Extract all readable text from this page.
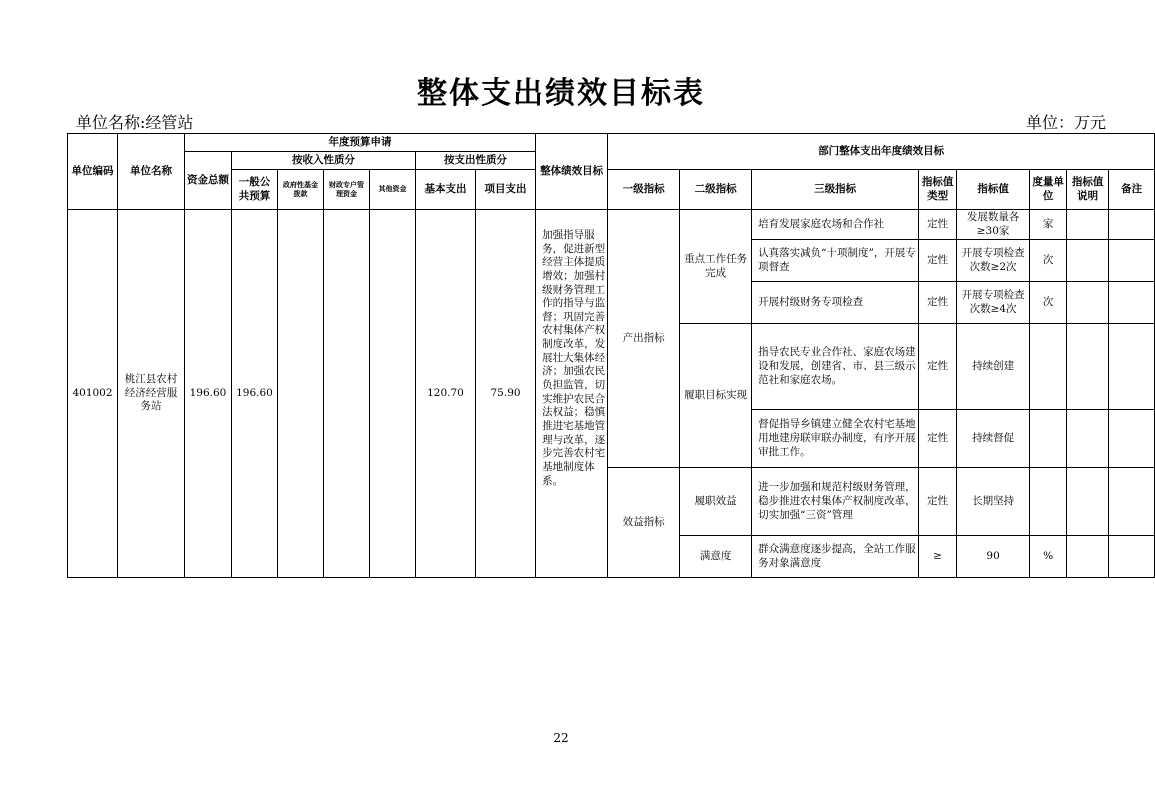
整体支出绩效目标表
单位名称:经管站	单位：万元
单位编码	单位名称	年度预算申请							整体绩效目标	部门整体支出年度绩效目标							
		资金总额	按收入性质分				按支出性质分										
			一般公共预算	政府性基金拨款	财政专户管理资金	其他资金	基本支出	项目支出		一级指标	二级指标	三级指标	指标值类型	指标值	度量单位	指标值说明	备注

401002	桃江县农村经济经营服务站	196.60	196.60				120.70	75.90	加强指导服务，促进新型经营主体提质增效；加强村级财务管理工作的指导与监督；巩固完善农村集体产权制度改革，发展壮大集体经济；加强农民负担监管，切实维护农民合法权益；稳慎推进宅基地管理与改革，逐步完善农村宅基地制度体系。	产出指标	重点工作任务完成	培育发展家庭农场和合作社	定性	发展数量各≥30家	家		
												认真落实减负“十项制度”，开展专项督查	定性	开展专项检查次数≥2次	次		
												开展村级财务专项检查	定性	开展专项检查次数≥4次	次		
											履职目标实现	指导农民专业合作社、家庭农场建设和发展，创建省、市、县三级示范社和家庭农场。	定性	持续创建			
												督促指导乡镇建立健全农村宅基地用地建房联审联办制度，有序开展审批工作。	定性	持续督促			
										效益指标	履职效益	进一步加强和规范村级财务管理，稳步推进农村集体产权制度改革，切实加强“三资”管理	定性	长期坚持			
											满意度	群众满意度逐步提高，全站工作服务对象满意度	≥	90	%		
22
